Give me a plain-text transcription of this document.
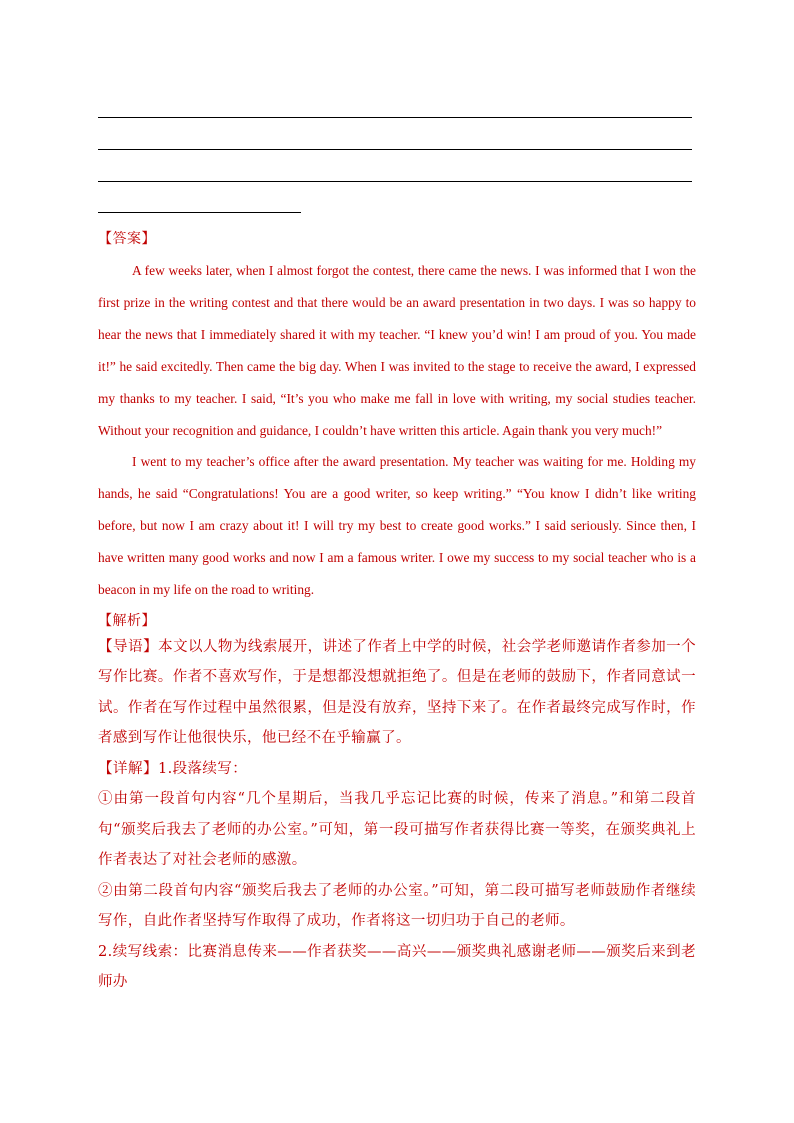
【答案】

A few weeks later, when I almost forgot the contest, there came the news. I was informed that I won the first prize in the writing contest and that there would be an award presentation in two days. I was so happy to hear the news that I immediately shared it with my teacher. “I knew you’d win! I am proud of you. You made it!” he said excitedly. Then came the big day. When I was invited to the stage to receive the award, I expressed my thanks to my teacher. I said, “It’s you who make me fall in love with writing, my social studies teacher. Without your recognition and guidance, I couldn’t have written this article. Again thank you very much!”

I went to my teacher’s office after the award presentation. My teacher was waiting for me. Holding my hands, he said “Congratulations! You are a good writer, so keep writing.” “You know I didn’t like writing before, but now I am crazy about it! I will try my best to create good works.” I said seriously. Since then, I have written many good works and now I am a famous writer. I owe my success to my social teacher who is a beacon in my life on the road to writing.

【解析】

【导语】本文以人物为线索展开，讲述了作者上中学的时候，社会学老师邀请作者参加一个写作比赛。作者不喜欢写作，于是想都没想就拒绝了。但是在老师的鼓励下，作者同意试一试。作者在写作过程中虽然很累，但是没有放弃，坚持下来了。在作者最终完成写作时，作者感到写作让他很快乐，他已经不在乎输赢了。

【详解】1.段落续写：

①由第一段首句内容“几个星期后，当我几乎忘记比赛的时候，传来了消息。”和第二段首句“颁奖后我去了老师的办公室。”可知，第一段可描写作者获得比赛一等奖，在颁奖典礼上作者表达了对社会老师的感激。

②由第二段首句内容“颁奖后我去了老师的办公室。”可知，第二段可描写老师鼓励作者继续写作，自此作者坚持写作取得了成功，作者将这一切归功于自己的老师。

2.续写线索：比赛消息传来——作者获奖——高兴——颁奖典礼感谢老师——颁奖后来到老师办
